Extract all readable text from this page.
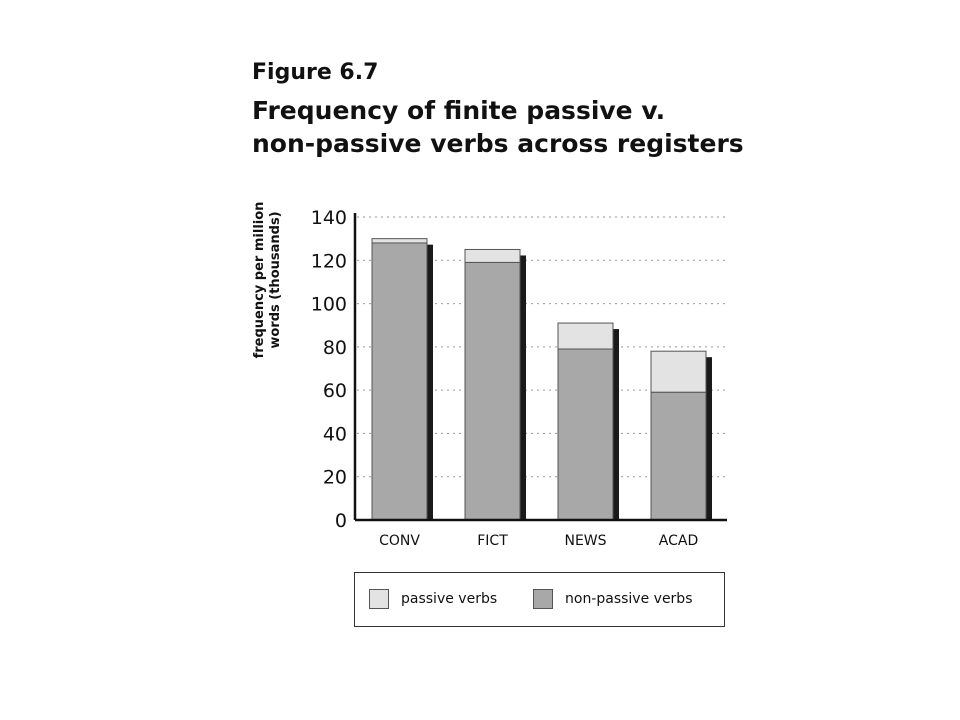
Figure 6.7
Frequency of finite passive v.
non-passive verbs across registers
frequency per million words (thousands)
0
20
40
60
80
100
120
140
CONV	FICT	NEWS	ACAD
passive verbs	non-passive verbs
